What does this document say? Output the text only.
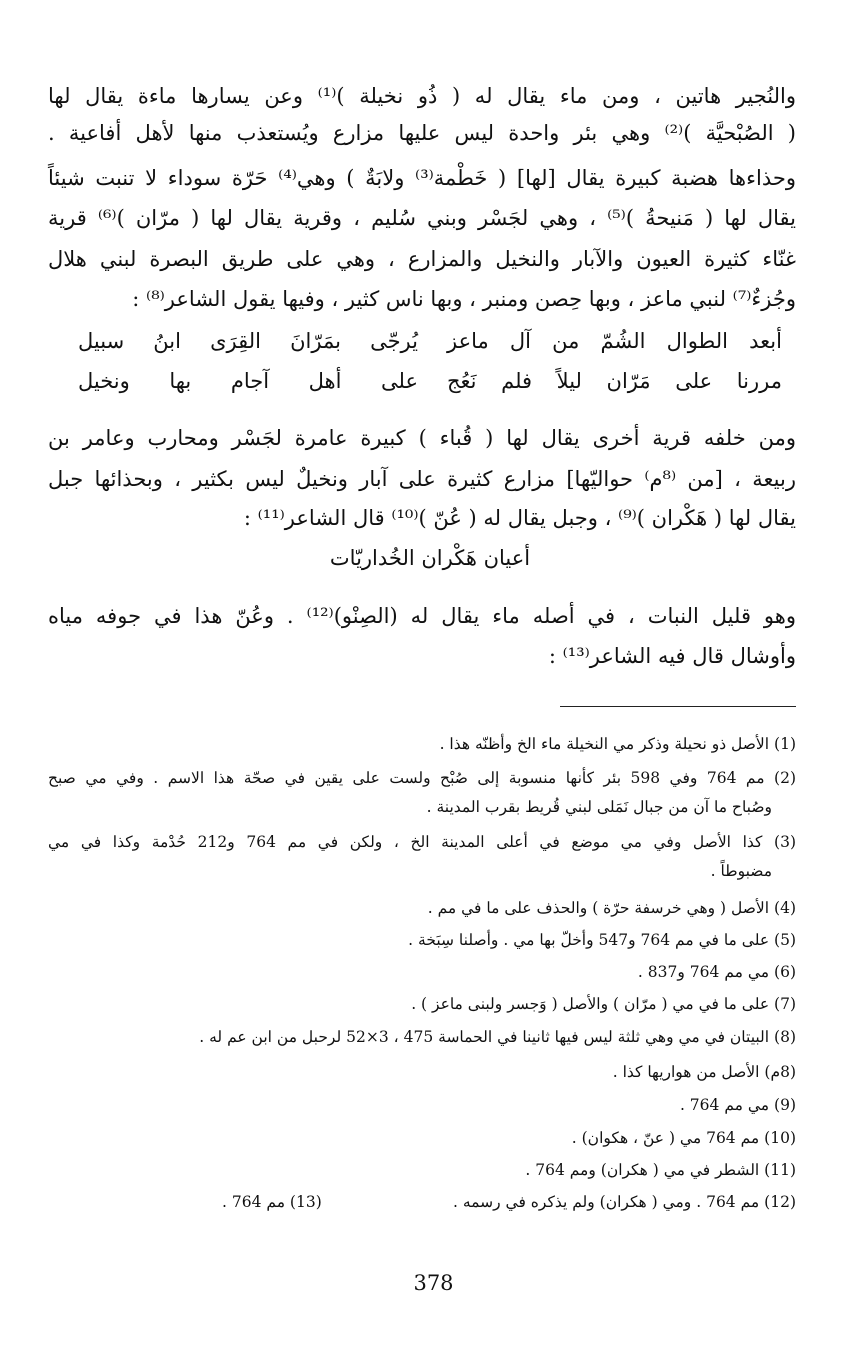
والنُجير هاتين ، ومن ماء يقال له ( ذُو نخيلة )⁽¹⁾ وعن يسارها ماءة يقال لها
( الصُبْحيَّة )⁽²⁾ وهي بئر واحدة ليس عليها مزارع ويُستعذب منها لأهل أفاعية .
وحذاءها هضبة كبيرة يقال [لها] ( خَطْمة⁽³⁾ ولابَةٌ ) وهي⁽⁴⁾ حَرّة سوداء لا تنبت شيئاً
يقال لها ( مَنيحةُ )⁽⁵⁾ ، وهي لجَسْر وبني سُليم ، وقرية يقال لها ( مرّان )⁽⁶⁾ قرية
غنّاء كثيرة العيون والآبار والنخيل والمزارع ، وهي على طريق البصرة لبني هلال
وجُزءٌ⁽⁷⁾ لنبي ماعز ، وبها حِصن ومنبر ، وبها ناس كثير ، وفيها يقول الشاعر⁽⁸⁾ :
أبعد الطوال الشُمّ من آل ماعز
يُرجّى بمَرّانَ القِرَى ابنُ سبيل
مررنا على مَرّان ليلاً فلم نَعُج
على أهل آجام بها ونخيل
ومن خلفه قرية أخرى يقال لها ( قُباء ) كبيرة عامرة لجَسْر ومحارب وعامر بن
ربيعة ، [من ⁽⁸م⁾ حواليّها] مزارع كثيرة على آبار ونخيلٌ ليس بكثير ، وبحذائها جبل
يقال لها ( هَكْران )⁽⁹⁾ ، وجبل يقال له ( عُنّ )⁽¹⁰⁾ قال الشاعر⁽¹¹⁾ :
أعيان هَكْران الخُداريّات
وهو قليل النبات ، في أصله ماء يقال له (الصِنْو)⁽¹²⁾ . وعُنّ هذا في جوفه مياه
وأوشال قال فيه الشاعر⁽¹³⁾ :
(1) الأصل ذو نحيلة وذكر مي النخيلة ماء الخ وأظنّه هذا .
(2) مم 764 وفي 598 بئر كأنها منسوبة إلى صُبْح ولست على يقين في صحّة هذا الاسم . وفي مي صبح
وصُباح ما آن من جبال نَمَلى لبني قُريط بقرب المدينة .
(3) كذا الأصل وفي مي موضع في أعلى المدينة الخ ، ولكن في مم 764 و212 حُدْمة وكذا في مي
مضبوطاً .
(4) الأصل ( وهي خرسفة حرّة ) والحذف على ما في مم .
(5) على ما في مم 764 و547 وأخلّ بها مي . وأصلنا سِبَخة .
(6) مي مم 764 و837 .
(7) على ما في مي ( مرّان ) والأصل ( وَجسر ولبنى ماعز ) .
(8) البيتان في مي وهي ثلثة ليس فيها ثانينا في الحماسة 475 ، 3×52 لرحبل من ابن عم له .
(8م) الأصل من هواريها كذا .
(9) مي مم 764 .
(10) مم 764 مي ( عنّ ، هكوان) .
(11) الشطر في مي ( هكران) ومم 764 .
(12) مم 764 . ومي ( هكران) ولم يذكره في رسمه .
(13) مم 764 .
378
